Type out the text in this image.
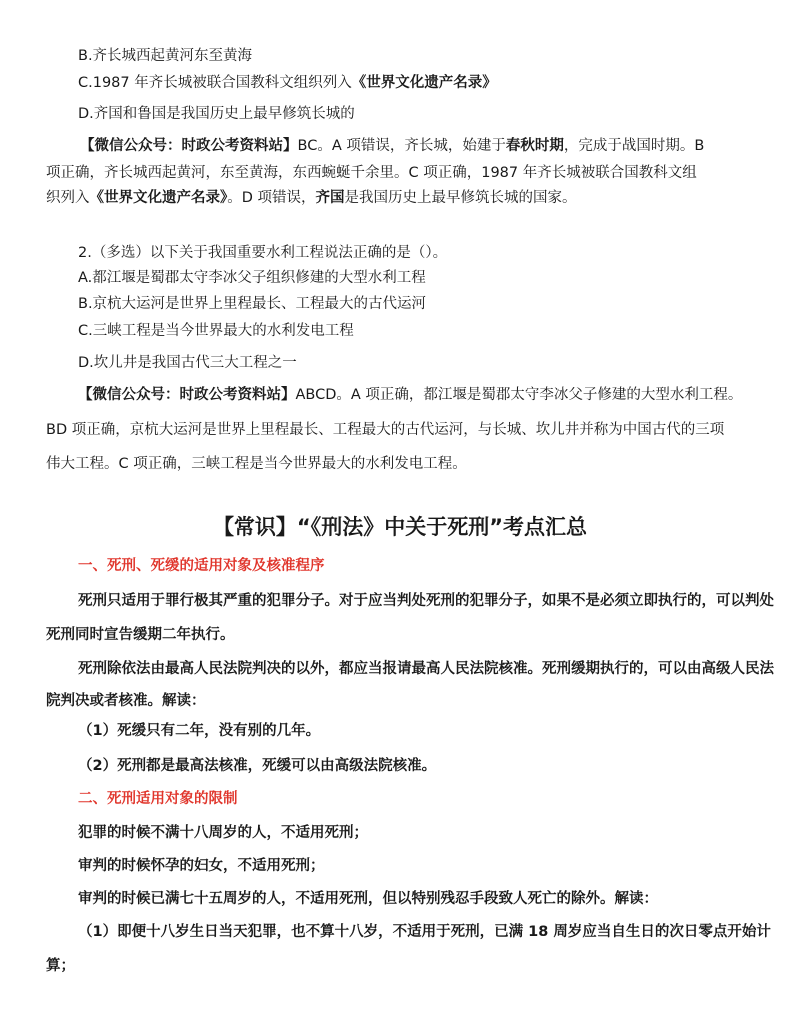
B.齐长城西起黄河东至黄海
C.1987 年齐长城被联合国教科文组织列入《世界文化遗产名录》
D.齐国和鲁国是我国历史上最早修筑长城的
【微信公众号：时政公考资料站】BC。A 项错误，齐长城，始建于春秋时期，完成于战国时期。B
项正确，齐长城西起黄河，东至黄海，东西蜿蜒千余里。C 项正确，1987 年齐长城被联合国教科文组
织列入《世界文化遗产名录》。D 项错误，齐国是我国历史上最早修筑长城的国家。
2.（多选）以下关于我国重要水利工程说法正确的是（）。
A.都江堰是蜀郡太守李冰父子组织修建的大型水利工程
B.京杭大运河是世界上里程最长、工程最大的古代运河
C.三峡工程是当今世界最大的水利发电工程
D.坎儿井是我国古代三大工程之一
【微信公众号：时政公考资料站】ABCD。A 项正确，都江堰是蜀郡太守李冰父子修建的大型水利工程。
BD 项正确，京杭大运河是世界上里程最长、工程最大的古代运河，与长城、坎儿井并称为中国古代的三项
伟大工程。C 项正确，三峡工程是当今世界最大的水利发电工程。
【常识】“《刑法》中关于死刑”考点汇总
一、死刑、死缓的适用对象及核准程序
死刑只适用于罪行极其严重的犯罪分子。对于应当判处死刑的犯罪分子，如果不是必须立即执行的，可以判处
死刑同时宣告缓期二年执行。
死刑除依法由最高人民法院判决的以外，都应当报请最高人民法院核准。死刑缓期执行的，可以由高级人民法
院判决或者核准。解读：
（1）死缓只有二年，没有别的几年。
（2）死刑都是最高法核准，死缓可以由高级法院核准。
二、死刑适用对象的限制
犯罪的时候不满十八周岁的人，不适用死刑；
审判的时候怀孕的妇女，不适用死刑；
审判的时候已满七十五周岁的人，不适用死刑，但以特别残忍手段致人死亡的除外。解读：
（1）即便十八岁生日当天犯罪，也不算十八岁，不适用于死刑，已满 18 周岁应当自生日的次日零点开始计
算；
